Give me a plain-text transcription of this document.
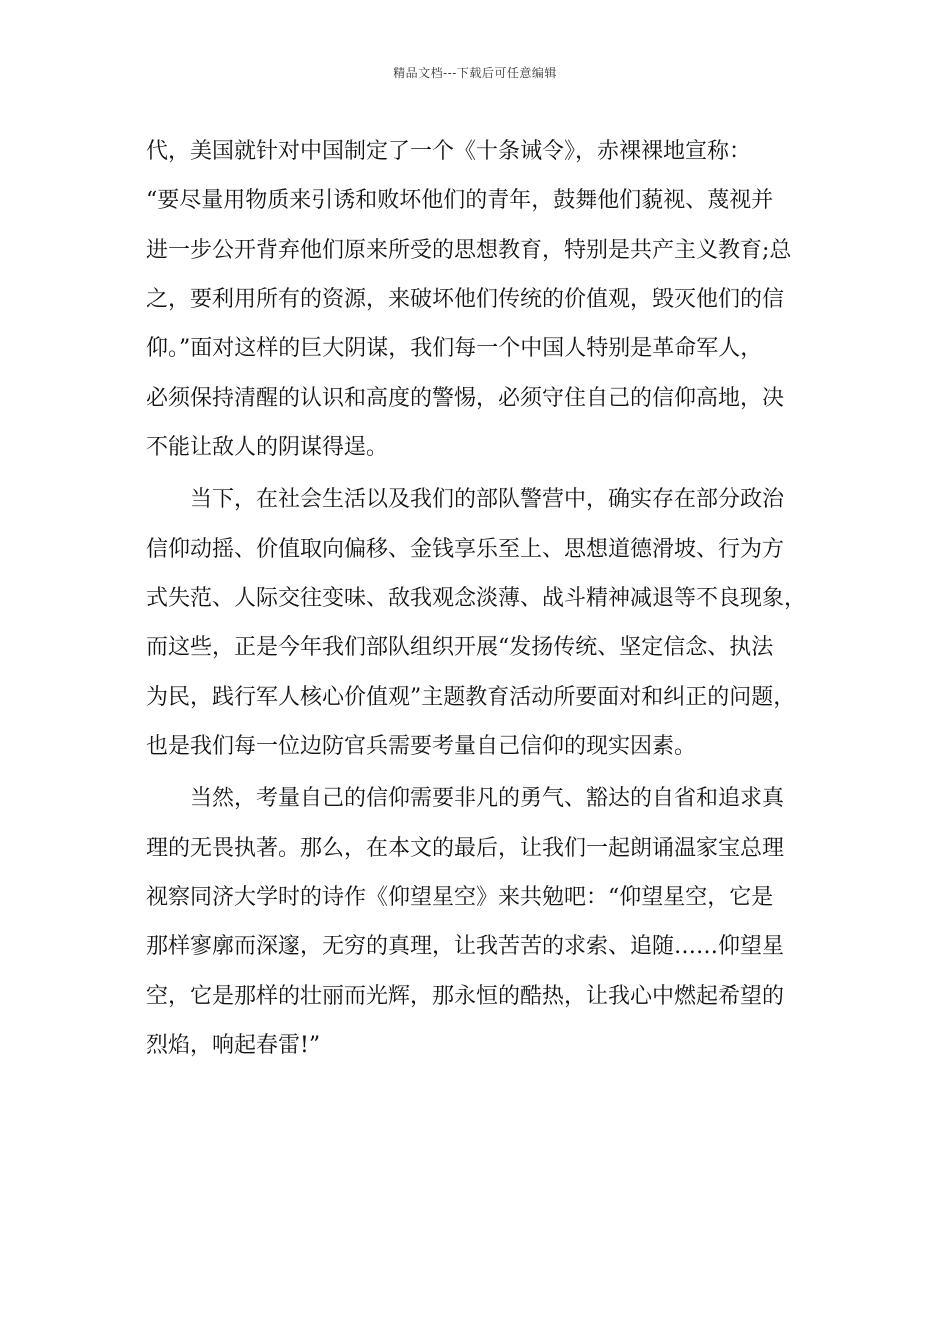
精品文档---下载后可任意编辑
代，美国就针对中国制定了一个《十条诫令》，赤裸裸地宣称：
“要尽量用物质来引诱和败坏他们的青年，鼓舞他们藐视、蔑视并
进一步公开背弃他们原来所受的思想教育，特别是共产主义教育;总
之，要利用所有的资源，来破坏他们传统的价值观，毁灭他们的信
仰。”面对这样的巨大阴谋，我们每一个中国人特别是革命军人，
必须保持清醒的认识和高度的警惕，必须守住自己的信仰高地，决
不能让敌人的阴谋得逞。
当下，在社会生活以及我们的部队警营中，确实存在部分政治
信仰动摇、价值取向偏移、金钱享乐至上、思想道德滑坡、行为方
式失范、人际交往变味、敌我观念淡薄、战斗精神减退等不良现象，
而这些，正是今年我们部队组织开展“发扬传统、坚定信念、执法
为民，践行军人核心价值观”主题教育活动所要面对和纠正的问题，
也是我们每一位边防官兵需要考量自己信仰的现实因素。
当然，考量自己的信仰需要非凡的勇气、豁达的自省和追求真
理的无畏执著。那么，在本文的最后，让我们一起朗诵温家宝总理
视察同济大学时的诗作《仰望星空》来共勉吧：“仰望星空，它是
那样寥廓而深邃，无穷的真理，让我苦苦的求索、追随……仰望星
空，它是那样的壮丽而光辉，那永恒的酷热，让我心中燃起希望的
烈焰，响起春雷!”
